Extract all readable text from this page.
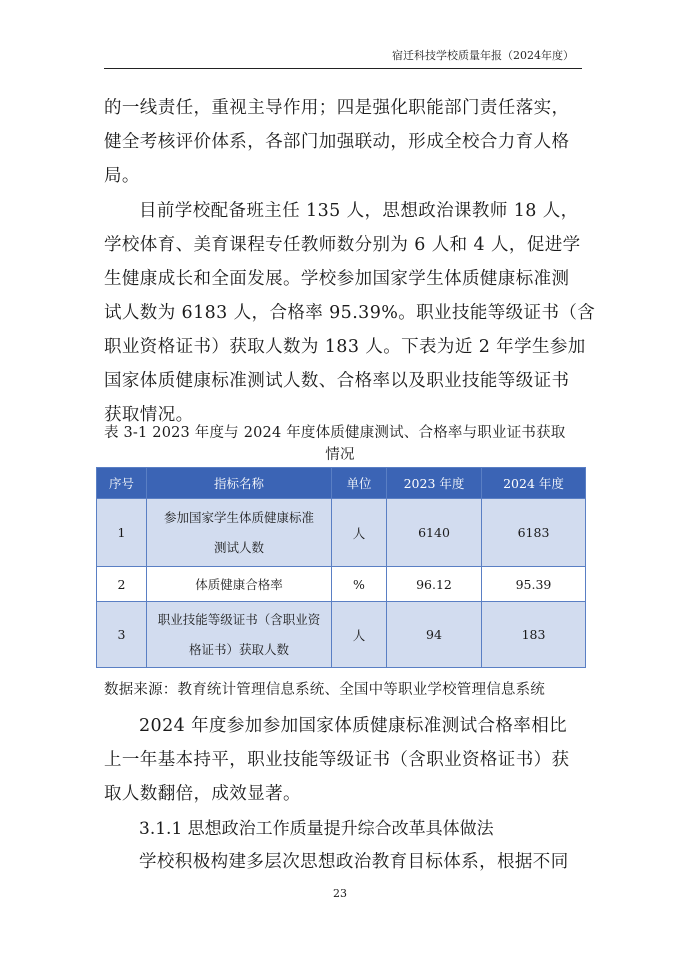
宿迁科技学校质量年报（2024年度）
的一线责任，重视主导作用；四是强化职能部门责任落实，
健全考核评价体系，各部门加强联动，形成全校合力育人格
局。
目前学校配备班主任 135 人，思想政治课教师 18 人，
学校体育、美育课程专任教师数分别为 6 人和 4 人，促进学
生健康成长和全面发展。学校参加国家学生体质健康标准测
试人数为 6183 人，合格率 95.39%。职业技能等级证书（含
职业资格证书）获取人数为 183 人。下表为近 2 年学生参加
国家体质健康标准测试人数、合格率以及职业技能等级证书
获取情况。
表 3-1 2023 年度与 2024 年度体质健康测试、合格率与职业证书获取
情况
序号	指标名称	单位	2023 年度	2024 年度
1	参加国家学生体质健康标准
测试人数	人	6140	6183
2	体质健康合格率	%	96.12	95.39
3	职业技能等级证书（含职业资
格证书）获取人数	人	94	183
数据来源：教育统计管理信息系统、全国中等职业学校管理信息系统
2024 年度参加参加国家体质健康标准测试合格率相比
上一年基本持平，职业技能等级证书（含职业资格证书）获
取人数翻倍，成效显著。
3.1.1 思想政治工作质量提升综合改革具体做法
学校积极构建多层次思想政治教育目标体系，根据不同
23
